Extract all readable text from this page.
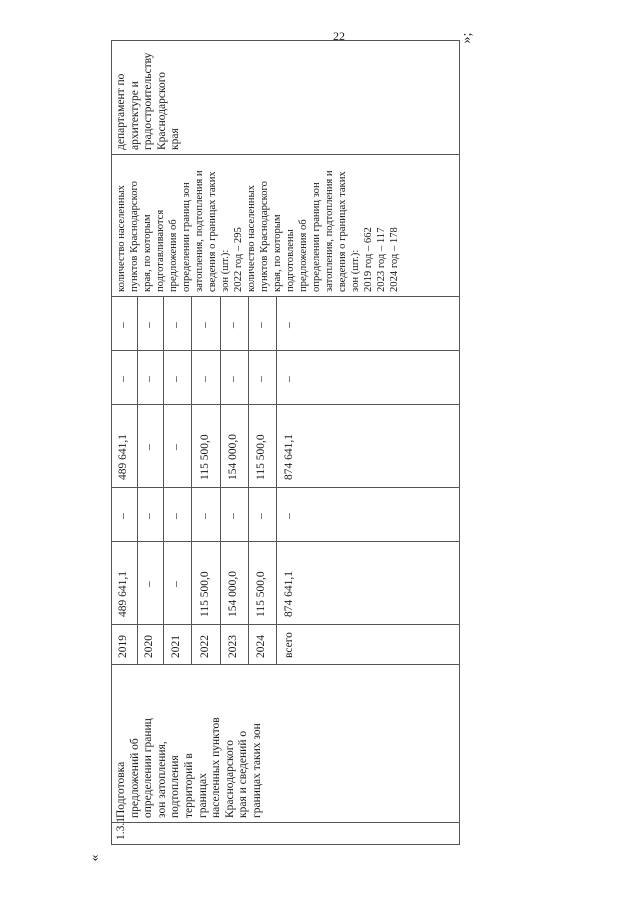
22
«
»;
1.3.1
Подготовка
предложений об
определении границ
зон затопления,
подтопления
территорий в
границах
населенных пунктов
Краснодарского
края и сведений о
границах таких зон
2019 2020 2021 2022 2023 2024 всего
489 641,1 – – 115 500,0 154 000,0 115 500,0 874 641,1
– – – – – – –
489 641,1 – – 115 500,0 154 000,0 115 500,0 874 641,1
– – – – – – –
– – – – – – –
количество населенных
пунктов Краснодарского
края, по которым
подготавливаются
предложения об
определении границ зон
затопления, подтопления и
сведения о границах таких
зон (шт.):
2022 год – 295
количество населенных
пунктов Краснодарского
края, по которым
подготовлены
предложения об
определении границ зон
затопления, подтопления и
сведения о границах таких
зон (шт.):
2019 год – 662
2023 год – 117
2024 год – 178
департамент по
архитектуре и
градостроительству
Краснодарского
края
